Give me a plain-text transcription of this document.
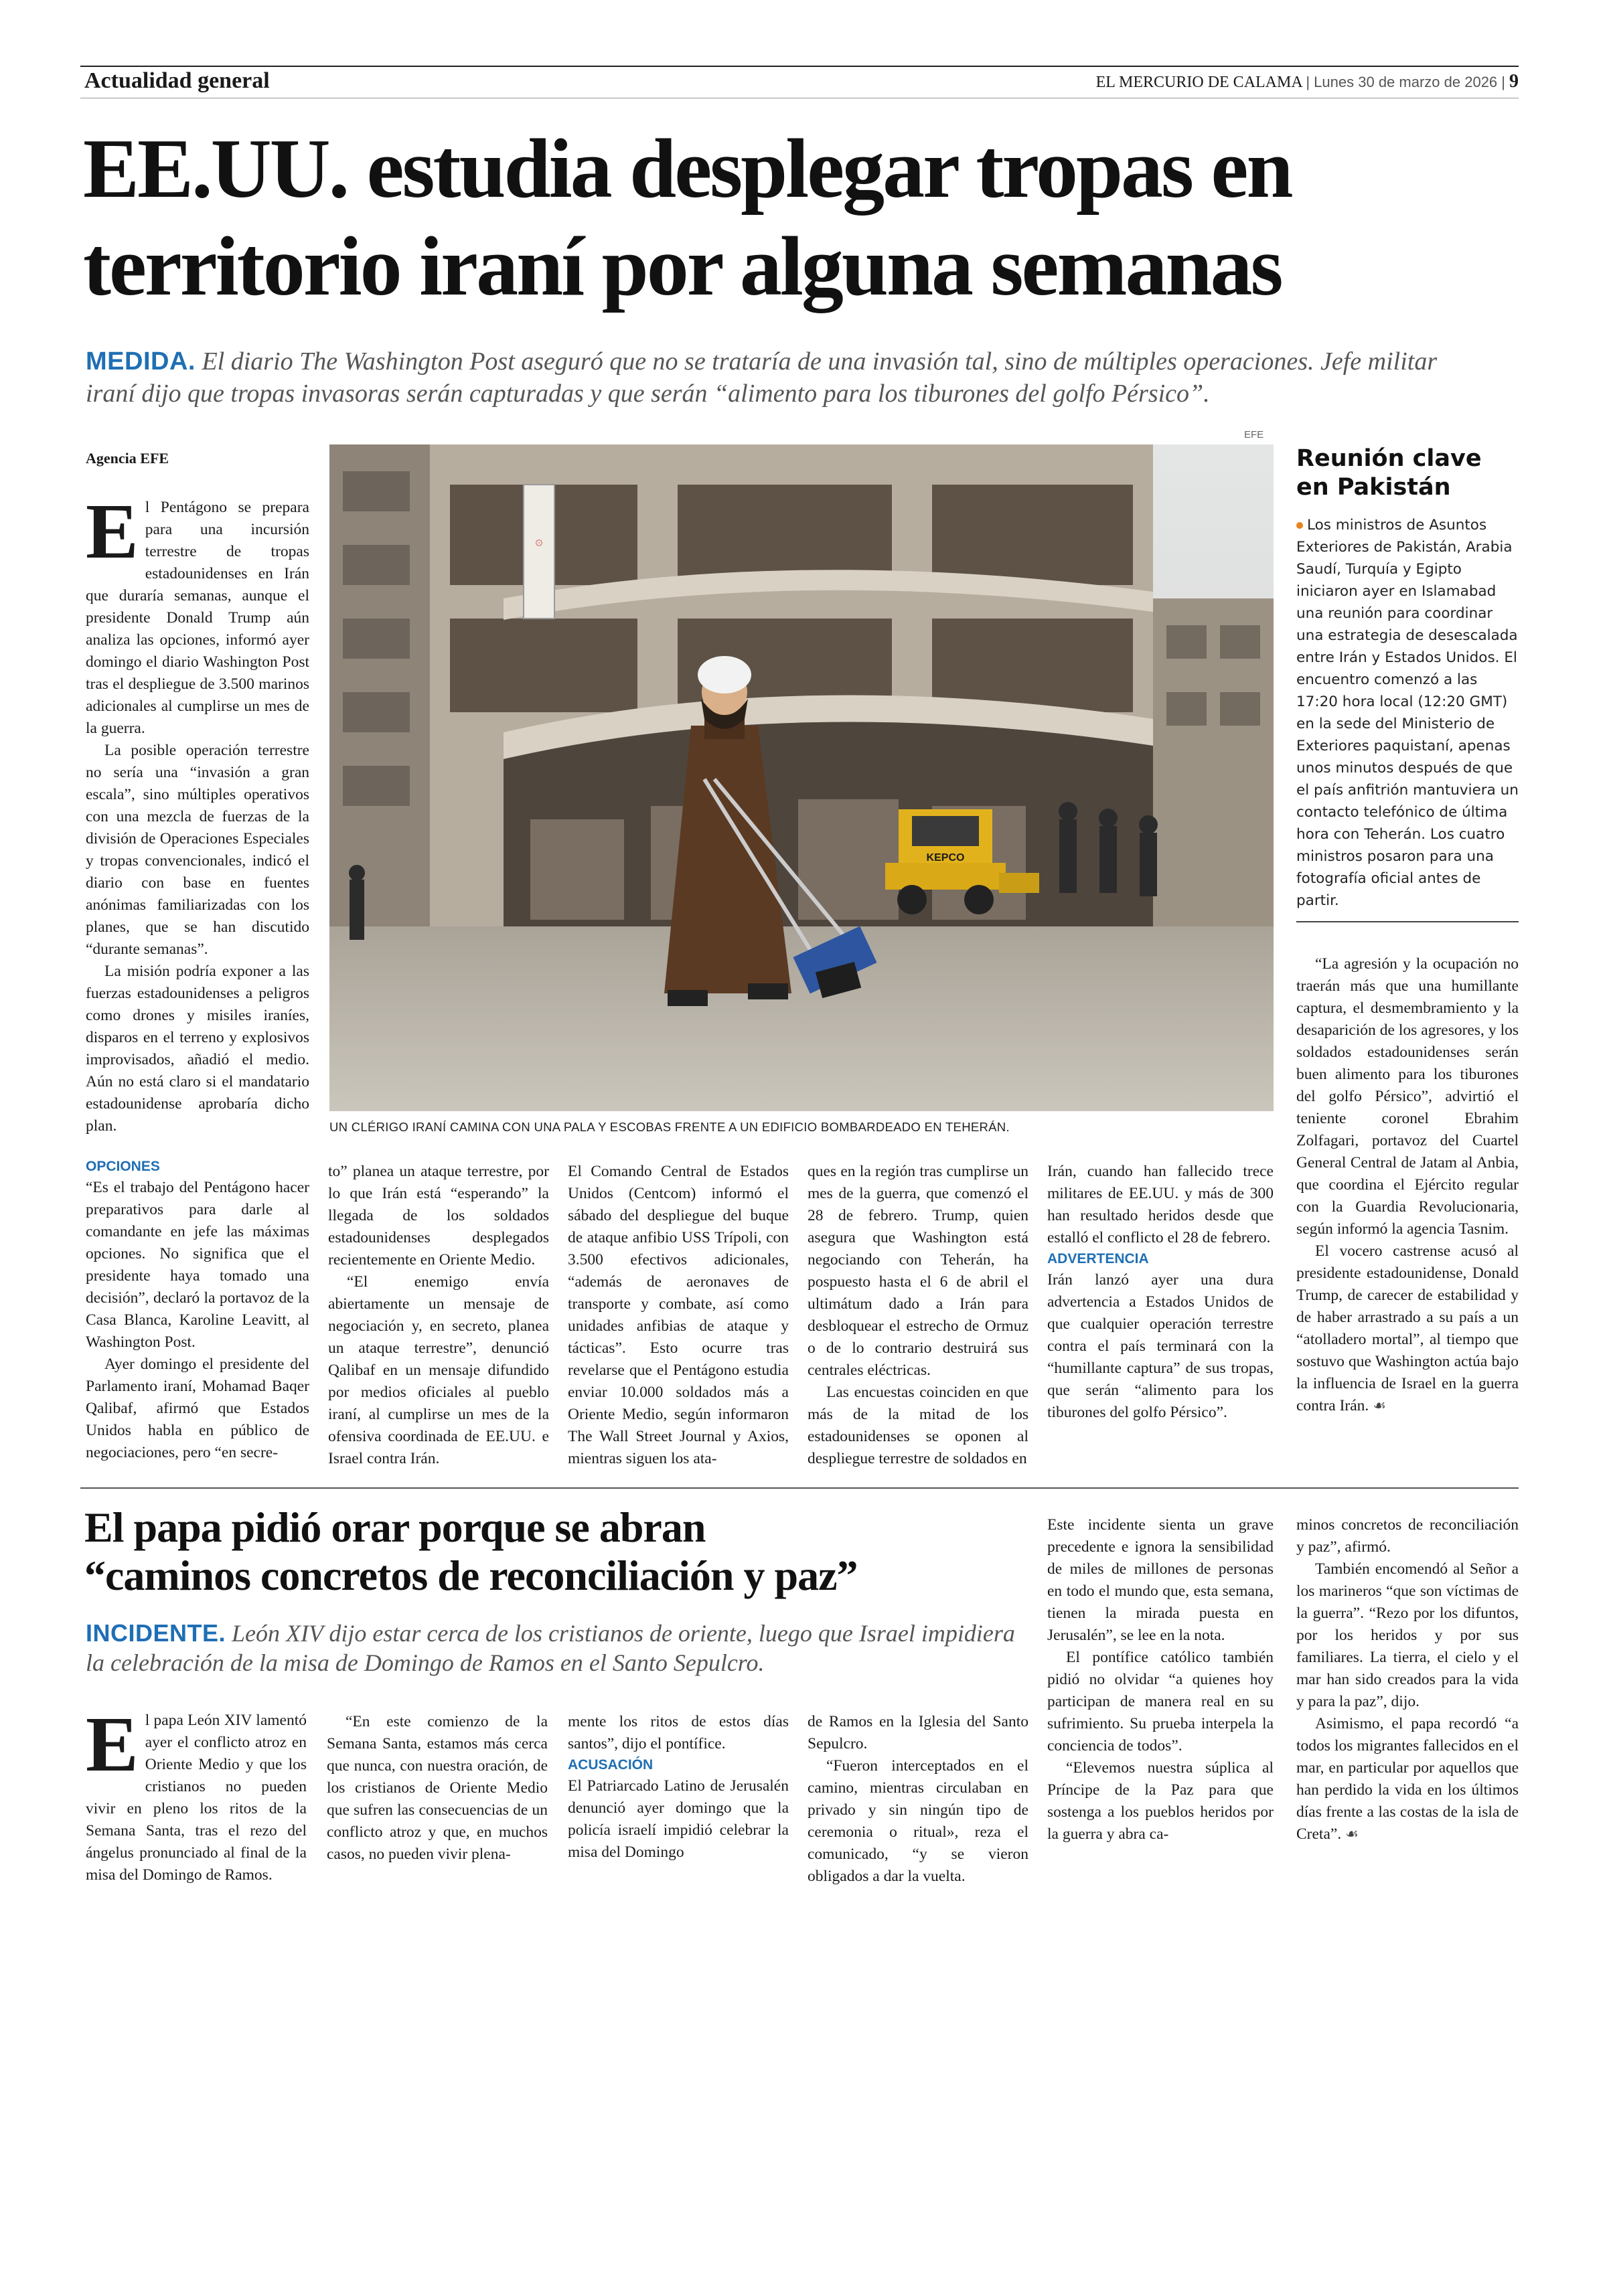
Actualidad general	EL MERCURIO DE CALAMA | Lunes 30 de marzo de 2026 | 9
EE.UU. estudia desplegar tropas en
territorio iraní por alguna semanas
MEDIDA. El diario The Washington Post aseguró que no se trataría de una invasión tal, sino de múltiples operaciones. Jefe militar iraní dijo que tropas invasoras serán capturadas y que serán “alimento para los tiburones del golfo Pérsico”.
Agencia EFE
EFE
۞
KEPCO
UN CLÉRIGO IRANÍ CAMINA CON UNA PALA Y ESCOBAS FRENTE A UN EDIFICIO BOMBARDEADO EN TEHERÁN.

El Pentágono se prepara para una incursión terrestre de tropas estadounidenses en Irán que duraría semanas, aunque el presidente Donald Trump aún analiza las opciones, informó ayer domingo el diario Washington Post tras el despliegue de 3.500 marinos adicionales al cumplirse un mes de la guerra.

La posible operación terrestre no sería una “invasión a gran escala”, sino múltiples operativos con una mezcla de fuerzas de la división de Operaciones Especiales y tropas convencionales, indicó el diario con base en fuentes anónimas familiarizadas con los planes, que se han discutido “durante semanas”.

La misión podría exponer a las fuerzas estadounidenses a peligros como drones y misiles iraníes, disparos en el terreno y explosivos improvisados, añadió el medio. Aún no está claro si el mandatario estadounidense aprobaría dicho plan.

OPCIONES

“Es el trabajo del Pentágono hacer preparativos para darle al comandante en jefe las máximas opciones. No significa que el presidente haya tomado una decisión”, declaró la portavoz de la Casa Blanca, Karoline Leavitt, al Washington Post.

Ayer domingo el presidente del Parlamento iraní, Mohamad Baqer Qalibaf, afirmó que Estados Unidos habla en público de negociaciones, pero “en secre-

to” planea un ataque terrestre, por lo que Irán está “esperando” la llegada de los soldados estadounidenses desplegados recientemente en Oriente Medio.

“El enemigo envía abiertamente un mensaje de negociación y, en secreto, planea un ataque terrestre”, denunció Qalibaf en un mensaje difundido por medios oficiales al pueblo iraní, al cumplirse un mes de la ofensiva coordinada de EE.UU. e Israel contra Irán.

El Comando Central de Estados Unidos (Centcom) informó el sábado del despliegue del buque de ataque anfibio USS Trípoli, con 3.500 efectivos adicionales, “además de aeronaves de transporte y combate, así como unidades anfibias de ataque y tácticas”. Esto ocurre tras revelarse que el Pentágono estudia enviar 10.000 soldados más a Oriente Medio, según informaron The Wall Street Journal y Axios, mientras siguen los ata-

ques en la región tras cumplirse un mes de la guerra, que comenzó el 28 de febrero. Trump, quien asegura que Washington está negociando con Teherán, ha pospuesto hasta el 6 de abril el ultimátum dado a Irán para desbloquear el estrecho de Ormuz o de lo contrario destruirá sus centrales eléctricas.

Las encuestas coinciden en que más de la mitad de los estadounidenses se oponen al despliegue terrestre de soldados en

Irán, cuando han fallecido trece militares de EE.UU. y más de 300 han resultado heridos desde que estalló el conflicto el 28 de febrero.

ADVERTENCIA

Irán lanzó ayer una dura advertencia a Estados Unidos de que cualquier operación terrestre contra el país terminará con la “humillante captura” de sus tropas, que serán “alimento para los tiburones del golfo Pérsico”.

Reunión clave
en Pakistán
Los ministros de Asuntos Exteriores de Pakistán, Arabia Saudí, Turquía y Egipto iniciaron ayer en Islamabad una reunión para coordinar una estrategia de desescalada entre Irán y Estados Unidos. El encuentro comenzó a las 17:20 hora local (12:20 GMT) en la sede del Ministerio de Exteriores paquistaní, apenas unos minutos después de que el país anfitrión mantuviera un contacto telefónico de última hora con Teherán. Los cuatro ministros posaron para una fotografía oficial antes de partir.

“La agresión y la ocupación no traerán más que una humillante captura, el desmembramiento y la desaparición de los agresores, y los soldados estadounidenses serán buen alimento para los tiburones del golfo Pérsico”, advirtió el teniente coronel Ebrahim Zolfagari, portavoz del Cuartel General Central de Jatam al Anbia, que coordina el Ejército regular con la Guardia Revolucionaria, según informó la agencia Tasnim.

El vocero castrense acusó al presidente estadounidense, Donald Trump, de carecer de estabilidad y de haber arrastrado a su país a un “atolladero mortal”, al tiempo que sostuvo que Washington actúa bajo la influencia de Israel en la guerra contra Irán. ☙

El papa pidió orar porque se abran
“caminos concretos de reconciliación y paz”
INCIDENTE. León XIV dijo estar cerca de los cristianos de oriente, luego que Israel impidiera la celebración de la misa de Domingo de Ramos en el Santo Sepulcro.

El papa León XIV lamentó ayer el conflicto atroz en Oriente Medio y que los cristianos no pueden vivir en pleno los ritos de la Semana Santa, tras el rezo del ángelus pronunciado al final de la misa del Domingo de Ramos.

“En este comienzo de la Semana Santa, estamos más cerca que nunca, con nuestra oración, de los cristianos de Oriente Medio que sufren las consecuencias de un conflicto atroz y que, en muchos casos, no pueden vivir plena-

mente los ritos de estos días santos”, dijo el pontífice.

ACUSACIÓN

El Patriarcado Latino de Jerusalén denunció ayer domingo que la policía israelí impidió celebrar la misa del Domingo

de Ramos en la Iglesia del Santo Sepulcro.

“Fueron interceptados en el camino, mientras circulaban en privado y sin ningún tipo de ceremonia o ritual», reza el comunicado, “y se vieron obligados a dar la vuelta.

Este incidente sienta un grave precedente e ignora la sensibilidad de miles de millones de personas en todo el mundo que, esta semana, tienen la mirada puesta en Jerusalén”, se lee en la nota.

El pontífice católico también pidió no olvidar “a quienes hoy participan de manera real en su sufrimiento. Su prueba interpela la conciencia de todos”.

“Elevemos nuestra súplica al Príncipe de la Paz para que sostenga a los pueblos heridos por la guerra y abra ca-

minos concretos de reconciliación y paz”, afirmó.

También encomendó al Señor a los marineros “que son víctimas de la guerra”. “Rezo por los difuntos, por los heridos y por sus familiares. La tierra, el cielo y el mar han sido creados para la vida y para la paz”, dijo.

Asimismo, el papa recordó “a todos los migrantes fallecidos en el mar, en particular por aquellos que han perdido la vida en los últimos días frente a las costas de la isla de Creta”. ☙
